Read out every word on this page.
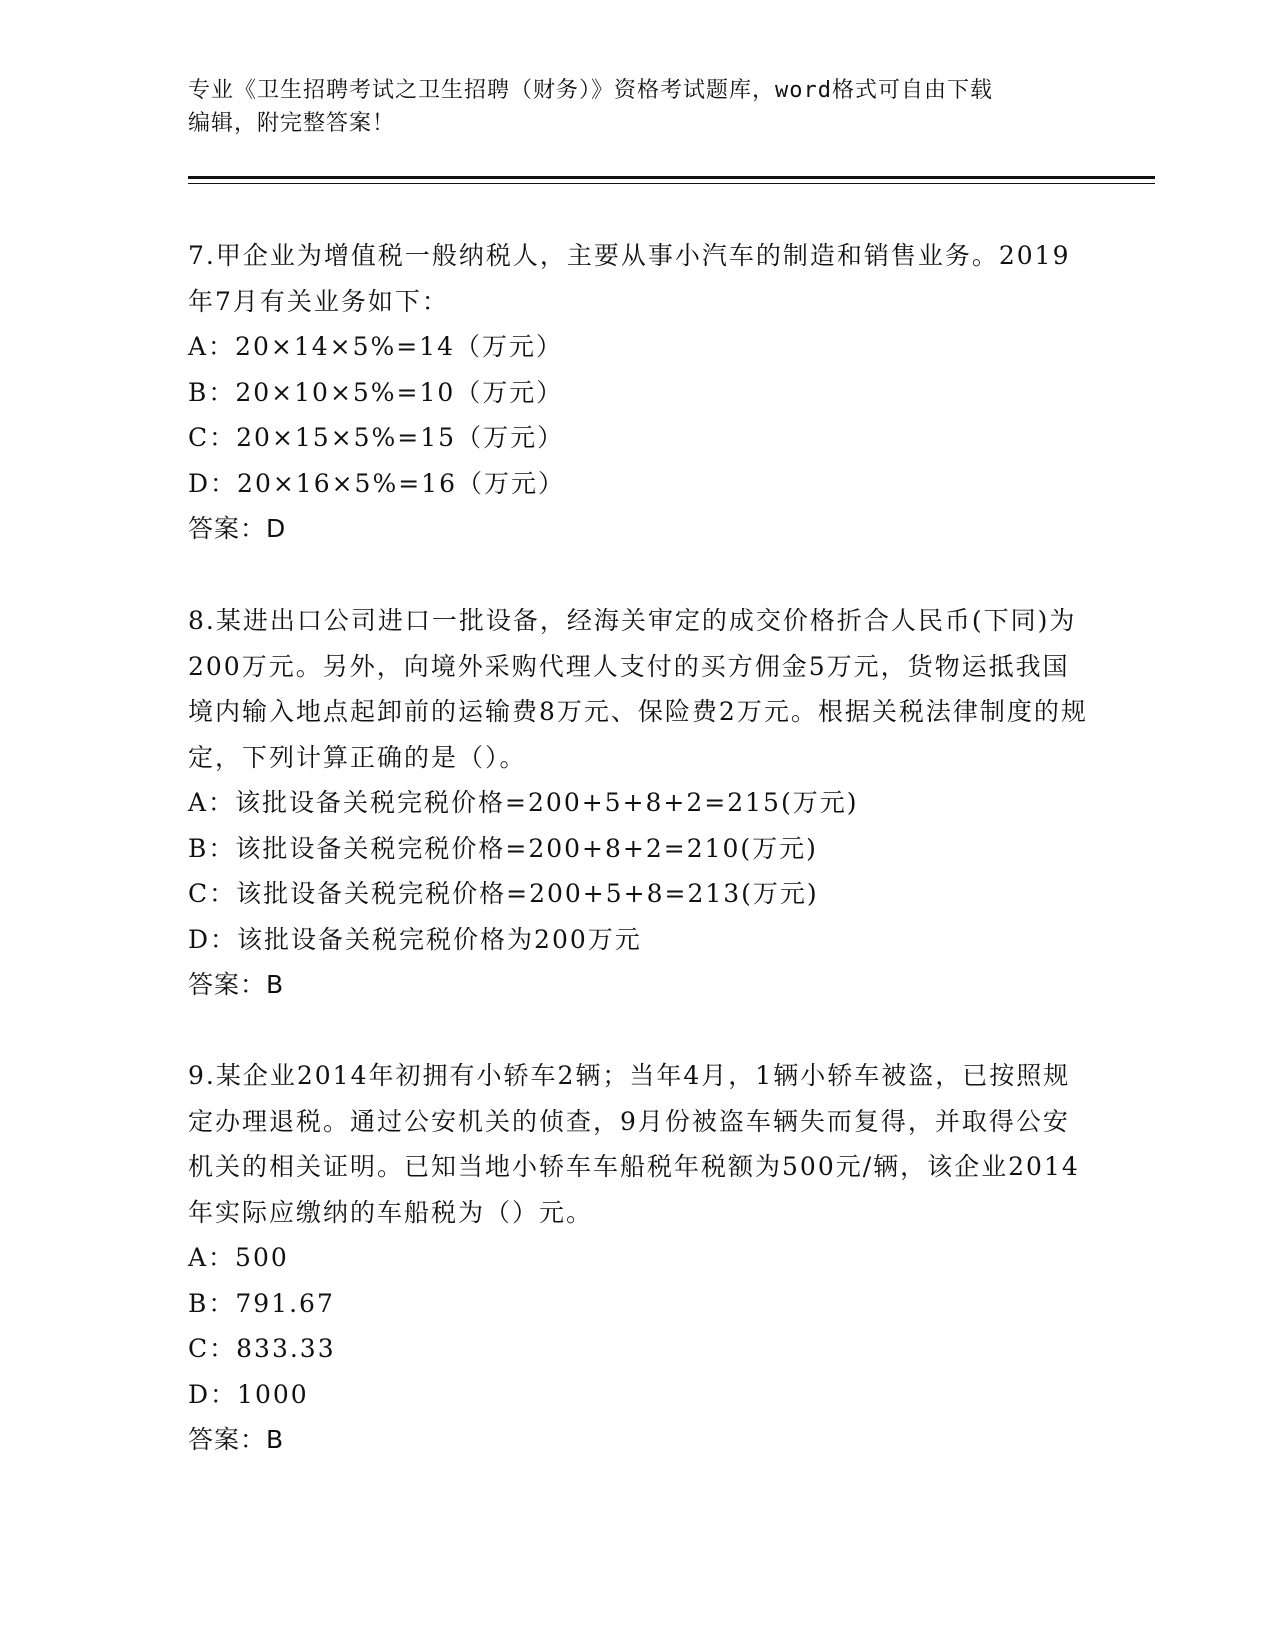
专业《卫生招聘考试之卫生招聘（财务）》资格考试题库，word格式可自由下载
编辑，附完整答案！
7.甲企业为增值税一般纳税人，主要从事小汽车的制造和销售业务。2019年7月有关业务如下：
A：20×14×5%=14（万元）
B：20×10×5%=10（万元）
C：20×15×5%=15（万元）
D：20×16×5%=16（万元）
答案：D
8.某进出口公司进口一批设备，经海关审定的成交价格折合人民币(下同)为200万元。另外，向境外采购代理人支付的买方佣金5万元，货物运抵我国境内输入地点起卸前的运输费8万元、保险费2万元。根据关税法律制度的规定，下列计算正确的是（）。
A：该批设备关税完税价格=200+5+8+2=215(万元)
B：该批设备关税完税价格=200+8+2=210(万元)
C：该批设备关税完税价格=200+5+8=213(万元)
D：该批设备关税完税价格为200万元
答案：B
9.某企业2014年初拥有小轿车2辆；当年4月，1辆小轿车被盗，已按照规定办理退税。通过公安机关的侦查，9月份被盗车辆失而复得，并取得公安机关的相关证明。已知当地小轿车车船税年税额为500元/辆，该企业2014年实际应缴纳的车船税为（）元。
A：500
B：791.67
C：833.33
D：1000
答案：B
